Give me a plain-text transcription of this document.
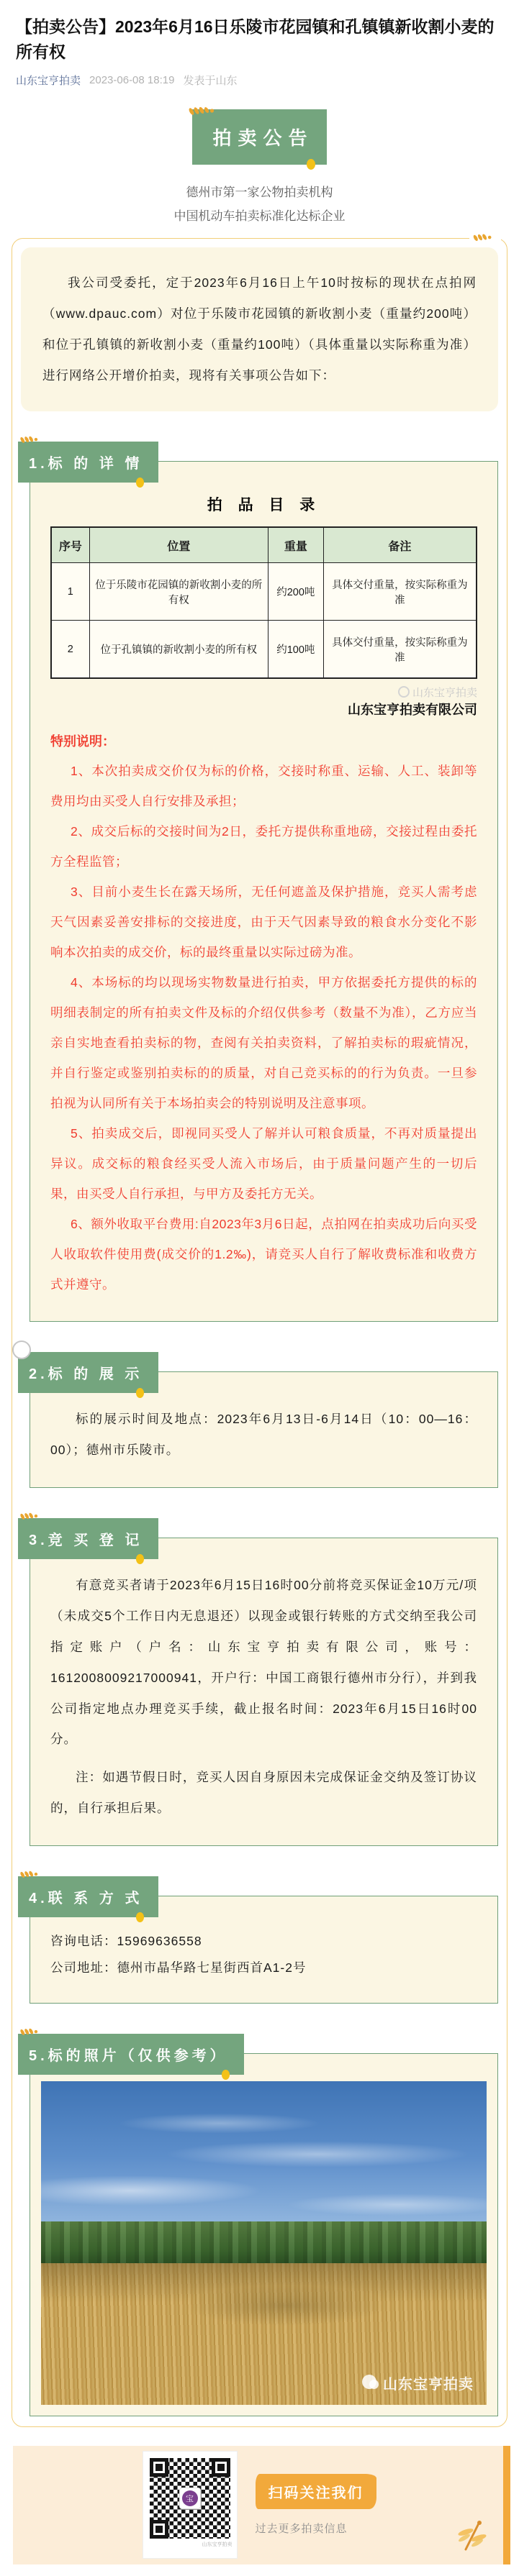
【拍卖公告】2023年6月16日乐陵市花园镇和孔镇镇新收割小麦的所有权
山东宝亨拍卖 2023-06-08 18:19 发表于山东
拍卖公告
德州市第一家公物拍卖机构
中国机动车拍卖标准化达标企业

我公司受委托，定于2023年6月16日上午10时按标的现状在点拍网（www.dpauc.com）对位于乐陵市花园镇的新收割小麦（重量约200吨）和位于孔镇镇的新收割小麦（重量约100吨）（具体重量以实际称重为准）进行网络公开增价拍卖，现将有关事项公告如下：

1.标 的 详 情
拍 品 目 录
序号	位置	重量	备注
1	位于乐陵市花园镇的新收割小麦的所有权	约200吨	具体交付重量，按实际称重为准
2	位于孔镇镇的新收割小麦的所有权	约100吨	具体交付重量，按实际称重为准
山东宝亨拍卖
山东宝亨拍卖有限公司
特别说明：

1、本次拍卖成交价仅为标的价格，交接时称重、运输、人工、装卸等费用均由买受人自行安排及承担；

2、成交后标的交接时间为2日，委托方提供称重地磅，交接过程由委托方全程监管；

3、目前小麦生长在露天场所，无任何遮盖及保护措施，竞买人需考虑天气因素妥善安排标的交接进度，由于天气因素导致的粮食水分变化不影响本次拍卖的成交价，标的最终重量以实际过磅为准。

4、本场标的均以现场实物数量进行拍卖，甲方依据委托方提供的标的明细表制定的所有拍卖文件及标的介绍仅供参考（数量不为准），乙方应当亲自实地查看拍卖标的物，查阅有关拍卖资料，了解拍卖标的瑕疵情况，并自行鉴定或鉴别拍卖标的的质量，对自己竞买标的的行为负责。一旦参拍视为认同所有关于本场拍卖会的特别说明及注意事项。

5、拍卖成交后，即视同买受人了解并认可粮食质量，不再对质量提出异议。成交标的粮食经买受人流入市场后，由于质量问题产生的一切后果，由买受人自行承担，与甲方及委托方无关。

6、额外收取平台费用:自2023年3月6日起，点拍网在拍卖成功后向买受人收取软件使用费(成交价的1.2‰)，请竞买人自行了解收费标准和收费方式并遵守。

2.标 的 展 示

标的展示时间及地点：2023年6月13日-6月14日（10：00—16：00）；德州市乐陵市。

3.竞 买 登 记

有意竞买者请于2023年6月15日16时00分前将竞买保证金10万元/项（未成交5个工作日内无息退还）以现金或银行转账的方式交纳至我公司指定账户（户名：山东宝亨拍卖有限公司，账号：1612008009217000941，开户行：中国工商银行德州市分行），并到我公司指定地点办理竞买手续，截止报名时间：2023年6月15日16时00分。

注：如遇节假日时，竞买人因自身原因未完成保证金交纳及签订协议的，自行承担后果。

4.联 系 方 式

咨询电话：15969636558

公司地址：德州市晶华路七星街西首A1-2号

5.标的照片（仅供参考）
山东宝亨拍卖
宝
山东宝亨拍卖
扫码关注我们
过去更多拍卖信息
